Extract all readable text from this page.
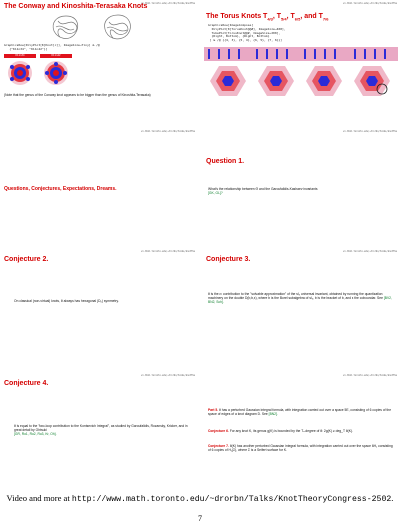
vx.html.toronto.edu/~drorbn/talks/knotThe
The Conway and Kinoshita-Terasaka Knots
GraphicsRow[PolyPlot[K[Knot[c]], ImageSize→Tiny] & /@
{"K11n34", "K11n42"}]
K11n34	K11n42
(Note that the genus of the Conway knot appears to be bigger than the genus of Kinoshita-Terasaka)
vx.html.toronto.edu/~drorbn/talks/knotThe
The Torus Knots $T_{4/3}$, $T_{5/4}$, $T_{6/5}$, and $T_{7/6}$
GraphicsRow[ImageCompose[
PolyPlot[K[TorusKnot@@#], ImageSize→400],
TubePlot[TorusKnot@@#, ImageSize→200],
{Right, Bottom}, {Right, Bottom}
] & /@ {{4, 3}, {5, 4}, {6, 5}, {7, 6}}]
vx.html.toronto.edu/~drorbn/talks/knotThe
Questions, Conjectures, Expectations, Dreams.
vx.html.toronto.edu/~drorbn/talks/knotThe
Question 1.
What's the relationship between Θ and the Garoufalidis-Kashaev invariants
[GK, GL]?
vx.html.toronto.edu/~drorbn/talks/knotThe
Conjecture 2.
On classical (non-virtual) knots, θ always has hexagonal (D₆) symmetry.
vx.html.toronto.edu/~drorbn/talks/knotThe
Conjecture 3.
θ is the ε¹ contribution to the "solvable approximation" of the sl₃ universal invariant, obtained by running the quantization machinery on the double D(b,b,ε), where b is the Borel subalgebra of sl₃, b is the bracket of b, and ε the coboundar. See [BV2, BN2, Sch].
vx.html.toronto.edu/~drorbn/talks/knotThe
Conjecture 4.
θ is equal to the "two-loop contribution to the Kontsevich Integral", as studied by Garoufalidis, Rozansky, Kricker, and in great detail by Ohtsuki
[GR, Ro1, Ro2, Ro3, Kr, Oh].
vx.html.toronto.edu/~drorbn/talks/knotThe
Part 5. θ has a perturbed Gaussian integral formula, with integration carried out over a space 5E, consisting of 6 copies of the space of edges of a knot diagram D. See [BN2].
Conjecture 6. For any knot K, its genus g(K) is bounded by the Tᵥ-degree of θ: 2g(K) ≥ deg_T θ(K).
Conjecture 7. θ(K) has another perturbed Gaussian integral formula, with integration carried out over the space 6H₁ consisting of 6 copies of H₁(Σ), where Σ is a Seifert surface for K.
Video and more at http://www.math.toronto.edu/~drorbn/Talks/KnotTheoryCongress-2502.
7
